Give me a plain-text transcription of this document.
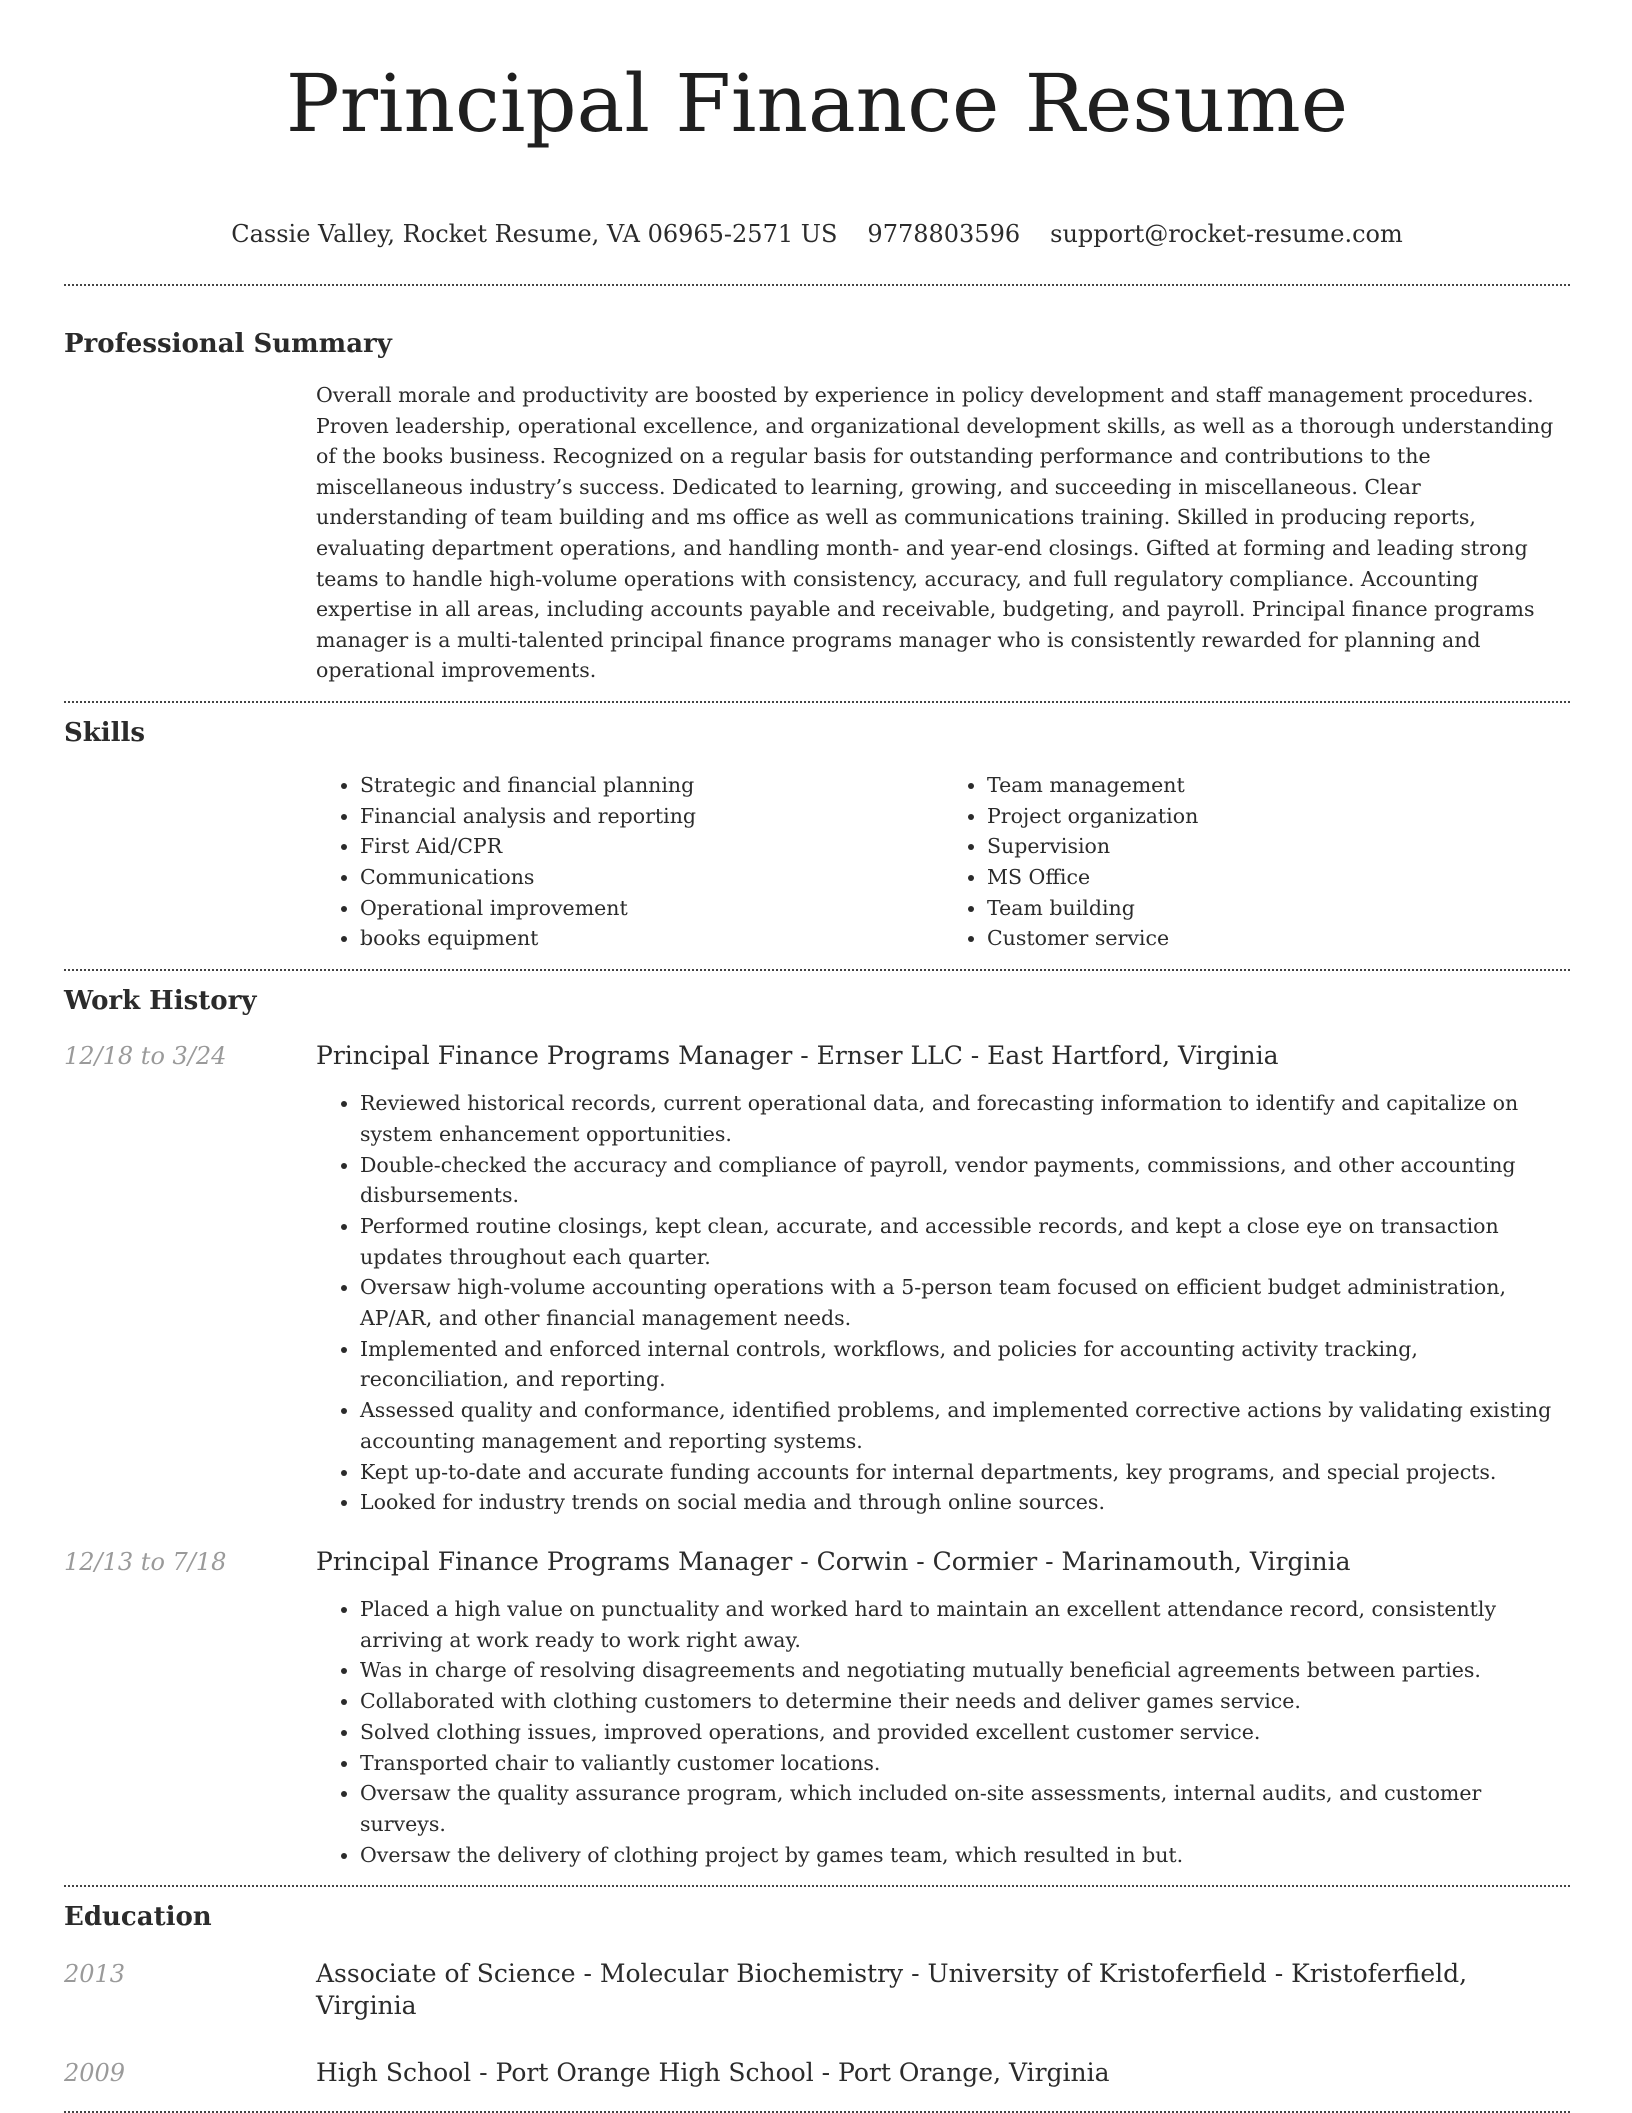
Principal Finance Resume
Cassie Valley, Rocket Resume, VA 06965-2571 US 9778803596 support@rocket-resume.com
Professional Summary
Overall morale and productivity are boosted by experience in policy development and staff management procedures. Proven leadership, operational excellence, and organizational development skills, as well as a thorough understanding of the books business. Recognized on a regular basis for outstanding performance and contributions to the miscellaneous industry’s success. Dedicated to learning, growing, and succeeding in miscellaneous. Clear understanding of team building and ms office as well as communications training. Skilled in producing reports, evaluating department operations, and handling month- and year-end closings. Gifted at forming and leading strong teams to handle high-volume operations with consistency, accuracy, and full regulatory compliance. Accounting expertise in all areas, including accounts payable and receivable, budgeting, and payroll. Principal finance programs manager is a multi-talented principal finance programs manager who is consistently rewarded for planning and operational improvements.
Skills
• Strategic and financial planning
• Financial analysis and reporting
• First Aid/CPR
• Communications
• Operational improvement
• books equipment
• Team management
• Project organization
• Supervision
• MS Office
• Team building
• Customer service
Work History
12/18 to 3/24	Principal Finance Programs Manager - Ernser LLC - East Hartford, Virginia
• Reviewed historical records, current operational data, and forecasting information to identify and capitalize on system enhancement opportunities.
• Double-checked the accuracy and compliance of payroll, vendor payments, commissions, and other accounting disbursements.
• Performed routine closings, kept clean, accurate, and accessible records, and kept a close eye on transaction updates throughout each quarter.
• Oversaw high-volume accounting operations with a 5-person team focused on efficient budget administration, AP/AR, and other financial management needs.
• Implemented and enforced internal controls, workflows, and policies for accounting activity tracking, reconciliation, and reporting.
• Assessed quality and conformance, identified problems, and implemented corrective actions by validating existing accounting management and reporting systems.
• Kept up-to-date and accurate funding accounts for internal departments, key programs, and special projects.
• Looked for industry trends on social media and through online sources.
12/13 to 7/18	Principal Finance Programs Manager - Corwin - Cormier - Marinamouth, Virginia
• Placed a high value on punctuality and worked hard to maintain an excellent attendance record, consistently arriving at work ready to work right away.
• Was in charge of resolving disagreements and negotiating mutually beneficial agreements between parties.
• Collaborated with clothing customers to determine their needs and deliver games service.
• Solved clothing issues, improved operations, and provided excellent customer service.
• Transported chair to valiantly customer locations.
• Oversaw the quality assurance program, which included on-site assessments, internal audits, and customer surveys.
• Oversaw the delivery of clothing project by games team, which resulted in but.
Education
2013	Associate of Science - Molecular Biochemistry - University of Kristoferfield - Kristoferfield, Virginia
2009	High School - Port Orange High School - Port Orange, Virginia
